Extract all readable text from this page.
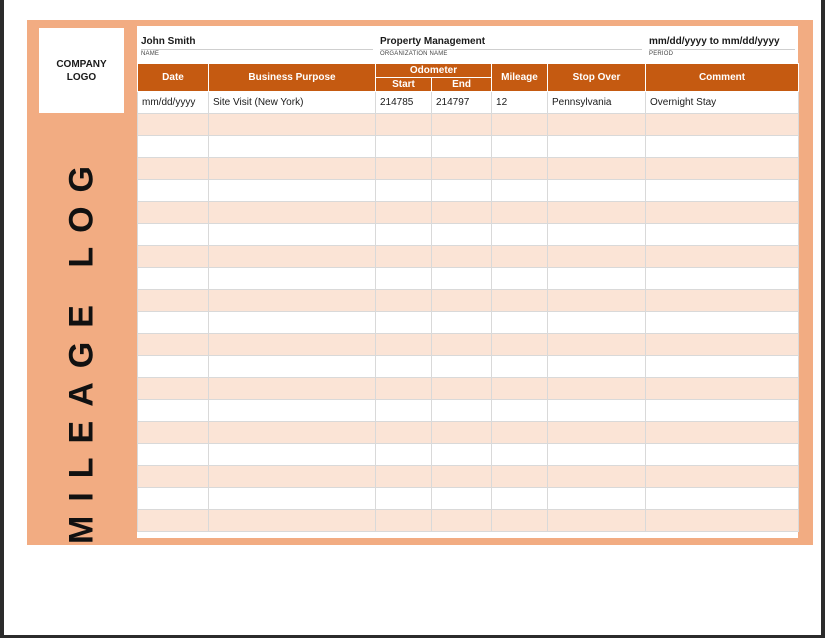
COMPANY
LOGO
MILEAGE LOG
John Smith
NAME
Property Management
ORGANIZATION NAME
mm/dd/yyyy to mm/dd/yyyy
PERIOD
Date	Business Purpose	Odometer		Mileage	Stop Over	Comment
		Start	End			
mm/dd/yyyy	Site Visit (New York)	214785	214797	12	Pennsylvania	Overnight Stay
